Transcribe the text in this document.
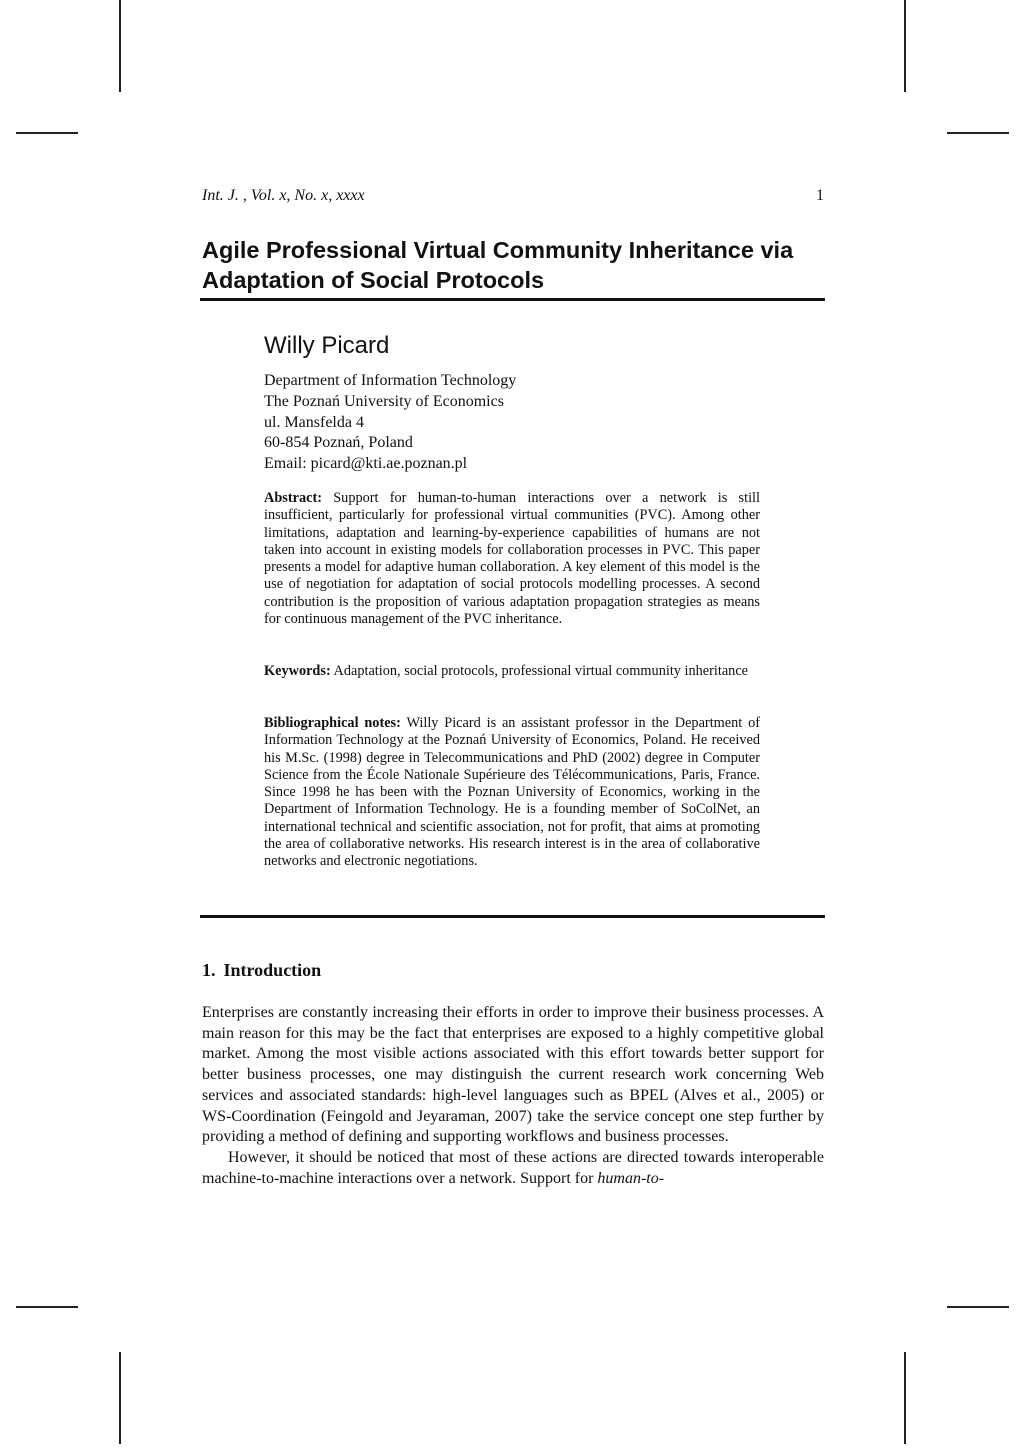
Int. J. , Vol. x, No. x, xxxx	1
Agile Professional Virtual Community Inheritance via Adaptation of Social Protocols
Willy Picard
Department of Information Technology
The Poznań University of Economics
ul. Mansfelda 4
60-854 Poznań, Poland
Email: picard@kti.ae.poznan.pl
Abstract: Support for human-to-human interactions over a network is still insufficient, particularly for professional virtual communities (PVC). Among other limitations, adaptation and learning-by-experience capabilities of humans are not taken into account in existing models for collaboration processes in PVC. This paper presents a model for adaptive human collaboration. A key element of this model is the use of negotiation for adaptation of social protocols modelling processes. A second contribution is the proposition of various adaptation propagation strategies as means for continuous management of the PVC inheritance.
Keywords: Adaptation, social protocols, professional virtual community inheritance
Bibliographical notes: Willy Picard is an assistant professor in the Department of Information Technology at the Poznań University of Economics, Poland. He received his M.Sc. (1998) degree in Telecommunications and PhD (2002) degree in Computer Science from the École Nationale Supérieure des Télécommunications, Paris, France. Since 1998 he has been with the Poznan University of Economics, working in the Department of Information Technology. He is a founding member of SoColNet, an international technical and scientific association, not for profit, that aims at promoting the area of collaborative networks. His research interest is in the area of collaborative networks and electronic negotiations.
1. Introduction

Enterprises are constantly increasing their efforts in order to improve their business processes. A main reason for this may be the fact that enterprises are exposed to a highly competitive global market. Among the most visible actions associated with this effort towards better support for better business processes, one may distinguish the current research work concerning Web services and associated standards: high-level languages such as BPEL (Alves et al., 2005) or WS-Coordination (Feingold and Jeyaraman, 2007) take the service concept one step further by providing a method of defining and supporting workflows and business processes.

However, it should be noticed that most of these actions are directed towards interoperable machine-to-machine interactions over a network. Support for human-to-
